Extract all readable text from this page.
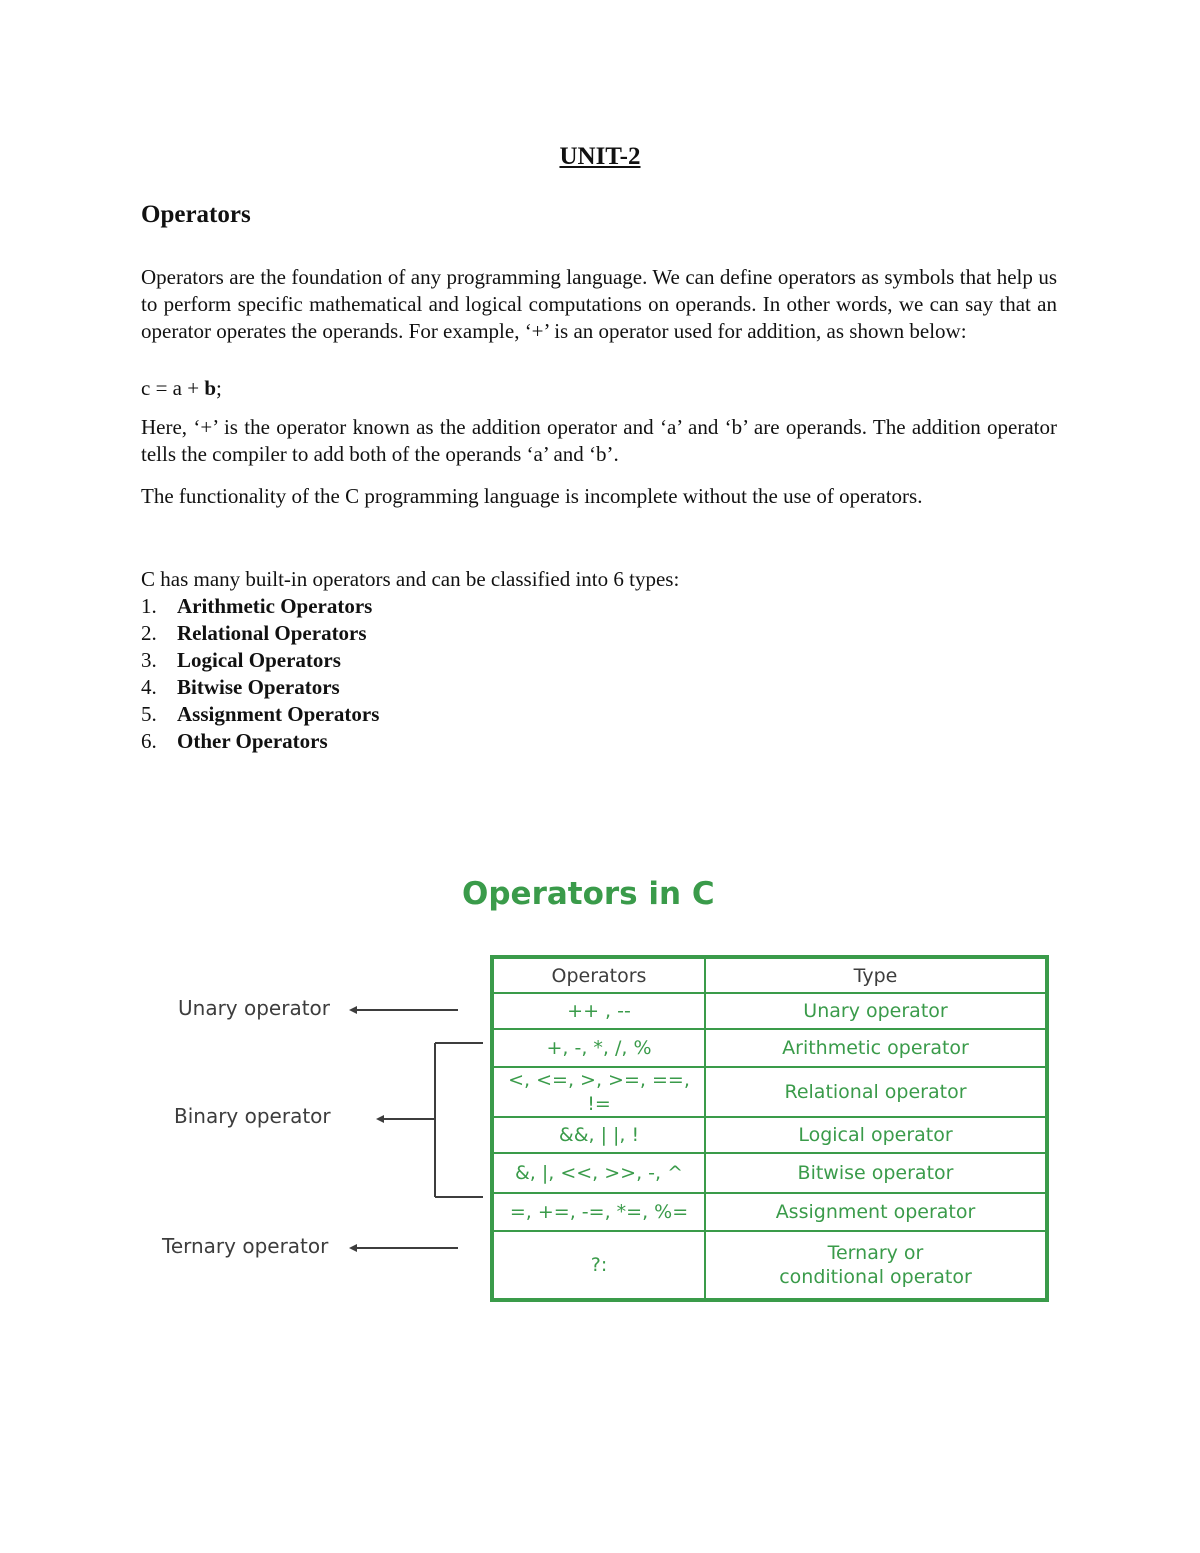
UNIT-2
Operators

Operators are the foundation of any programming language. We can define operators as symbols that help us to perform specific mathematical and logical computations on operands. In other words, we can say that an operator operates the operands. For example, ‘+’ is an operator used for addition, as shown below:

c = a + b;

Here, ‘+’ is the operator known as the addition operator and ‘a’ and ‘b’ are operands. The addition operator tells the compiler to add both of the operands ‘a’ and ‘b’.

The functionality of the C programming language is incomplete without the use of operators.

C has many built-in operators and can be classified into 6 types:

1. Arithmetic Operators
2. Relational Operators
3. Logical Operators
4. Bitwise Operators
5. Assignment Operators
6. Other Operators
Operators in C
Unary operator
Binary operator
Ternary operator
Operators	Type
++ , --	Unary operator
+, -, *, /, %	Arithmetic operator
<, <=, >, >=, ==, !=	Relational operator
&&, | |, !	Logical operator
&, |, <<, >>, -, ^	Bitwise operator
=, +=, -=, *=, %=	Assignment operator
?:	Ternary or
conditional operator
